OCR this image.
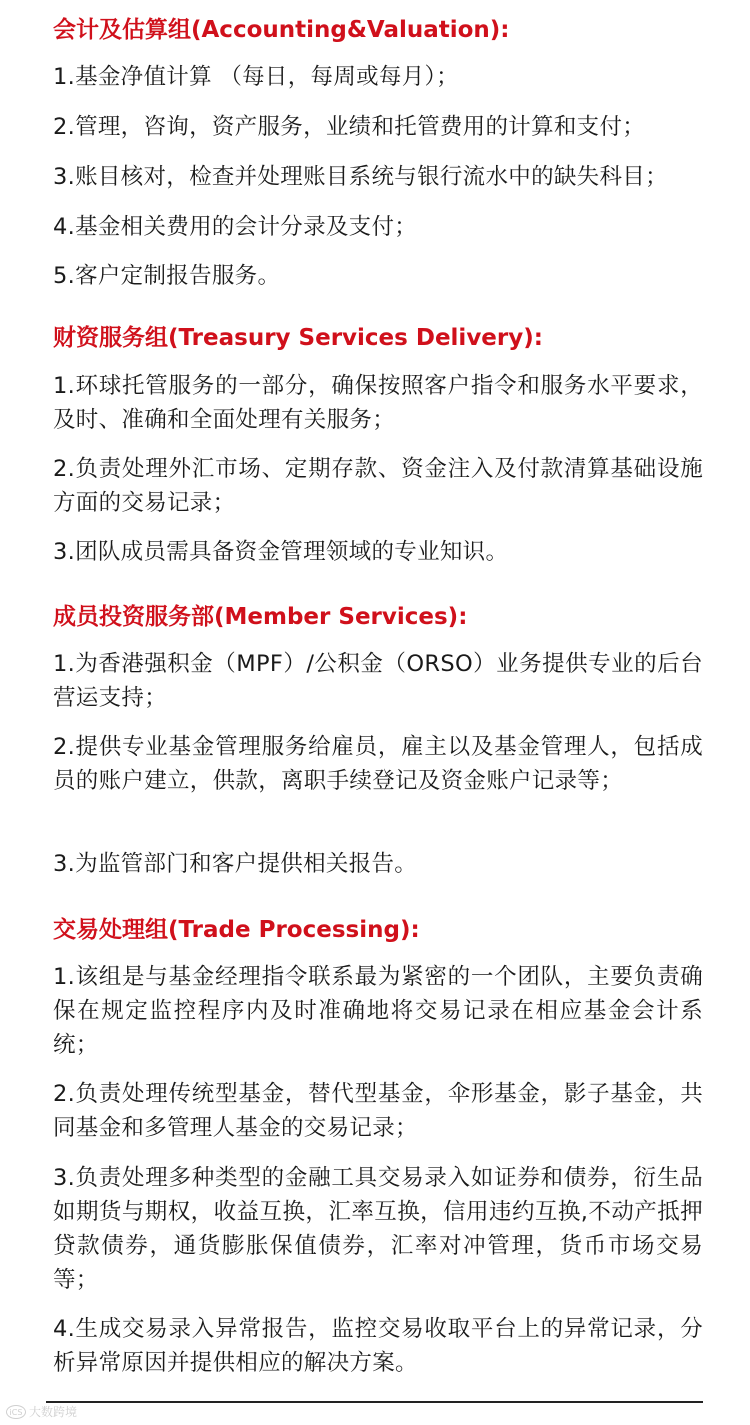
会计及估算组(Accounting&Valuation):

1.基金净值计算 （每日，每周或每月）；

2.管理，咨询，资产服务，业绩和托管费用的计算和支付；

3.账目核对，检查并处理账目系统与银行流水中的缺失科目；

4.基金相关费用的会计分录及支付；

5.客户定制报告服务。

财资服务组(Treasury Services Delivery):

1.环球托管服务的一部分，确保按照客户指令和服务水平要求，及时、准确和全面处理有关服务；

2.负责处理外汇市场、定期存款、资金注入及付款清算基础设施方面的交易记录；

3.团队成员需具备资金管理领域的专业知识。

成员投资服务部(Member Services):

1.为香港强积金（MPF）/公积金（ORSO）业务提供专业的后台营运支持；

2.提供专业基金管理服务给雇员，雇主以及基金管理人，包括成员的账户建立，供款，离职手续登记及资金账户记录等；

3.为监管部门和客户提供相关报告。

交易处理组(Trade Processing):

1.该组是与基金经理指令联系最为紧密的一个团队，主要负责确保在规定监控程序内及时准确地将交易记录在相应基金会计系统；

2.负责处理传统型基金，替代型基金，伞形基金，影子基金，共同基金和多管理人基金的交易记录；

3.负责处理多种类型的金融工具交易录入如证券和债券，衍生品如期货与期权，收益互换，汇率互换，信用违约互换,不动产抵押贷款债券，通货膨胀保值债券，汇率对冲管理，货币市场交易等；

4.生成交易录入异常报告，监控交易收取平台上的异常记录，分析异常原因并提供相应的解决方案。

iCS 大数跨境
